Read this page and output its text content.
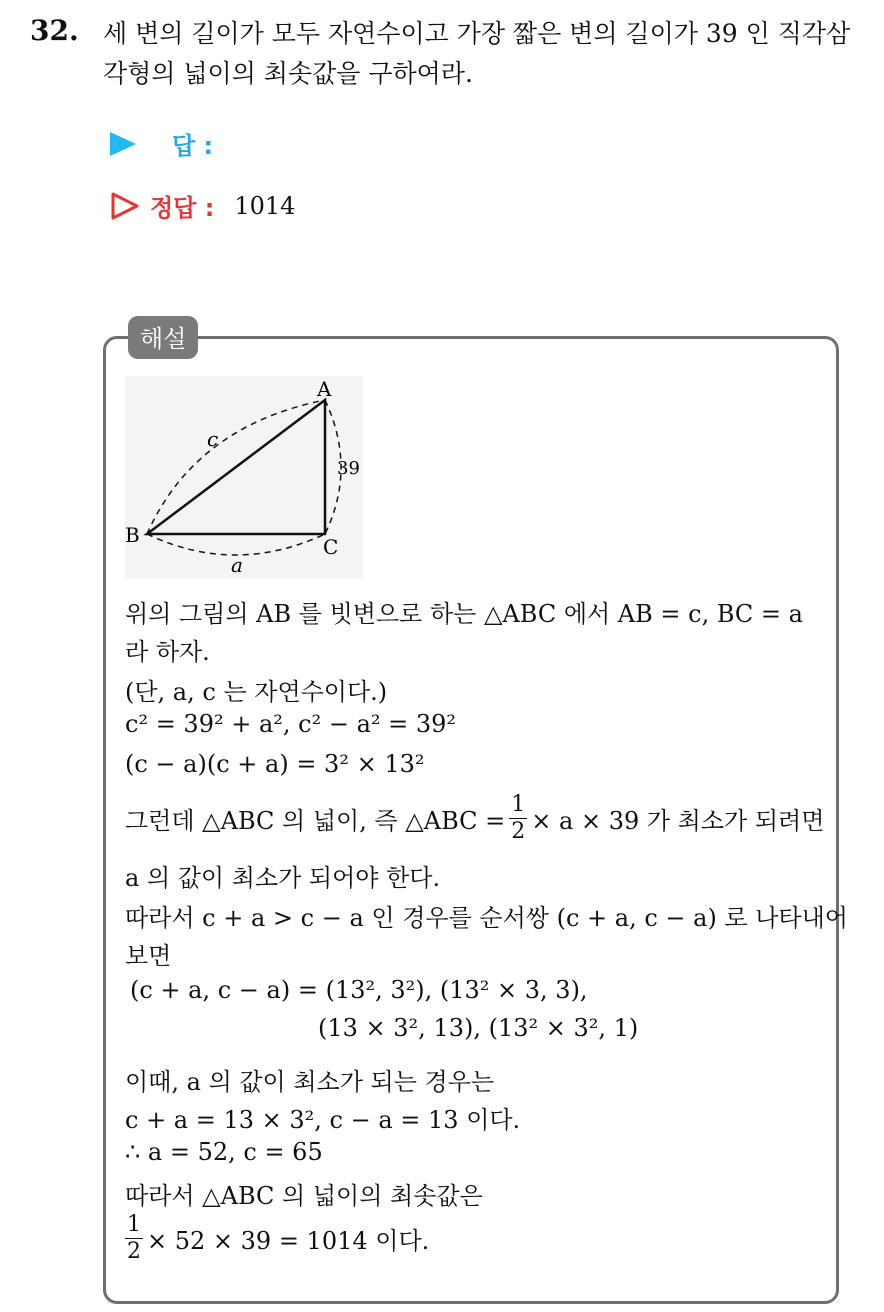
32. 세 변의 길이가 모두 자연수이고 가장 짧은 변의 길이가 39 인 직각삼각형의 넓이의 최솟값을 구하여라.
답 :
정답 : 1014
해설
A
B	C
c
39
a
위의 그림의 AB 를 빗변으로 하는 △ABC 에서 AB = c, BC = a
라 하자.
(단, a, c 는 자연수이다.)
c² = 39² + a², c² − a² = 39²
(c − a)(c + a) = 3² × 13²
그런데 △ABC 의 넓이, 즉 △ABC = $\frac{1}{2} \times a \times 39$ 가 최소가 되려면
a 의 값이 최소가 되어야 한다.
따라서 c + a > c − a 인 경우를 순서쌍 (c + a, c − a) 로 나타내어
보면
(c + a, c − a) = (13², 3²), (13² × 3, 3),
(13 × 3², 13), (13² × 3², 1)
이때, a 의 값이 최소가 되는 경우는
c + a = 13 × 3², c − a = 13 이다.
∴ a = 52, c = 65
따라서 △ABC 의 넓이의 최솟값은
$\frac{1}{2} \times 52 \times 39 = 1014$ 이다.
